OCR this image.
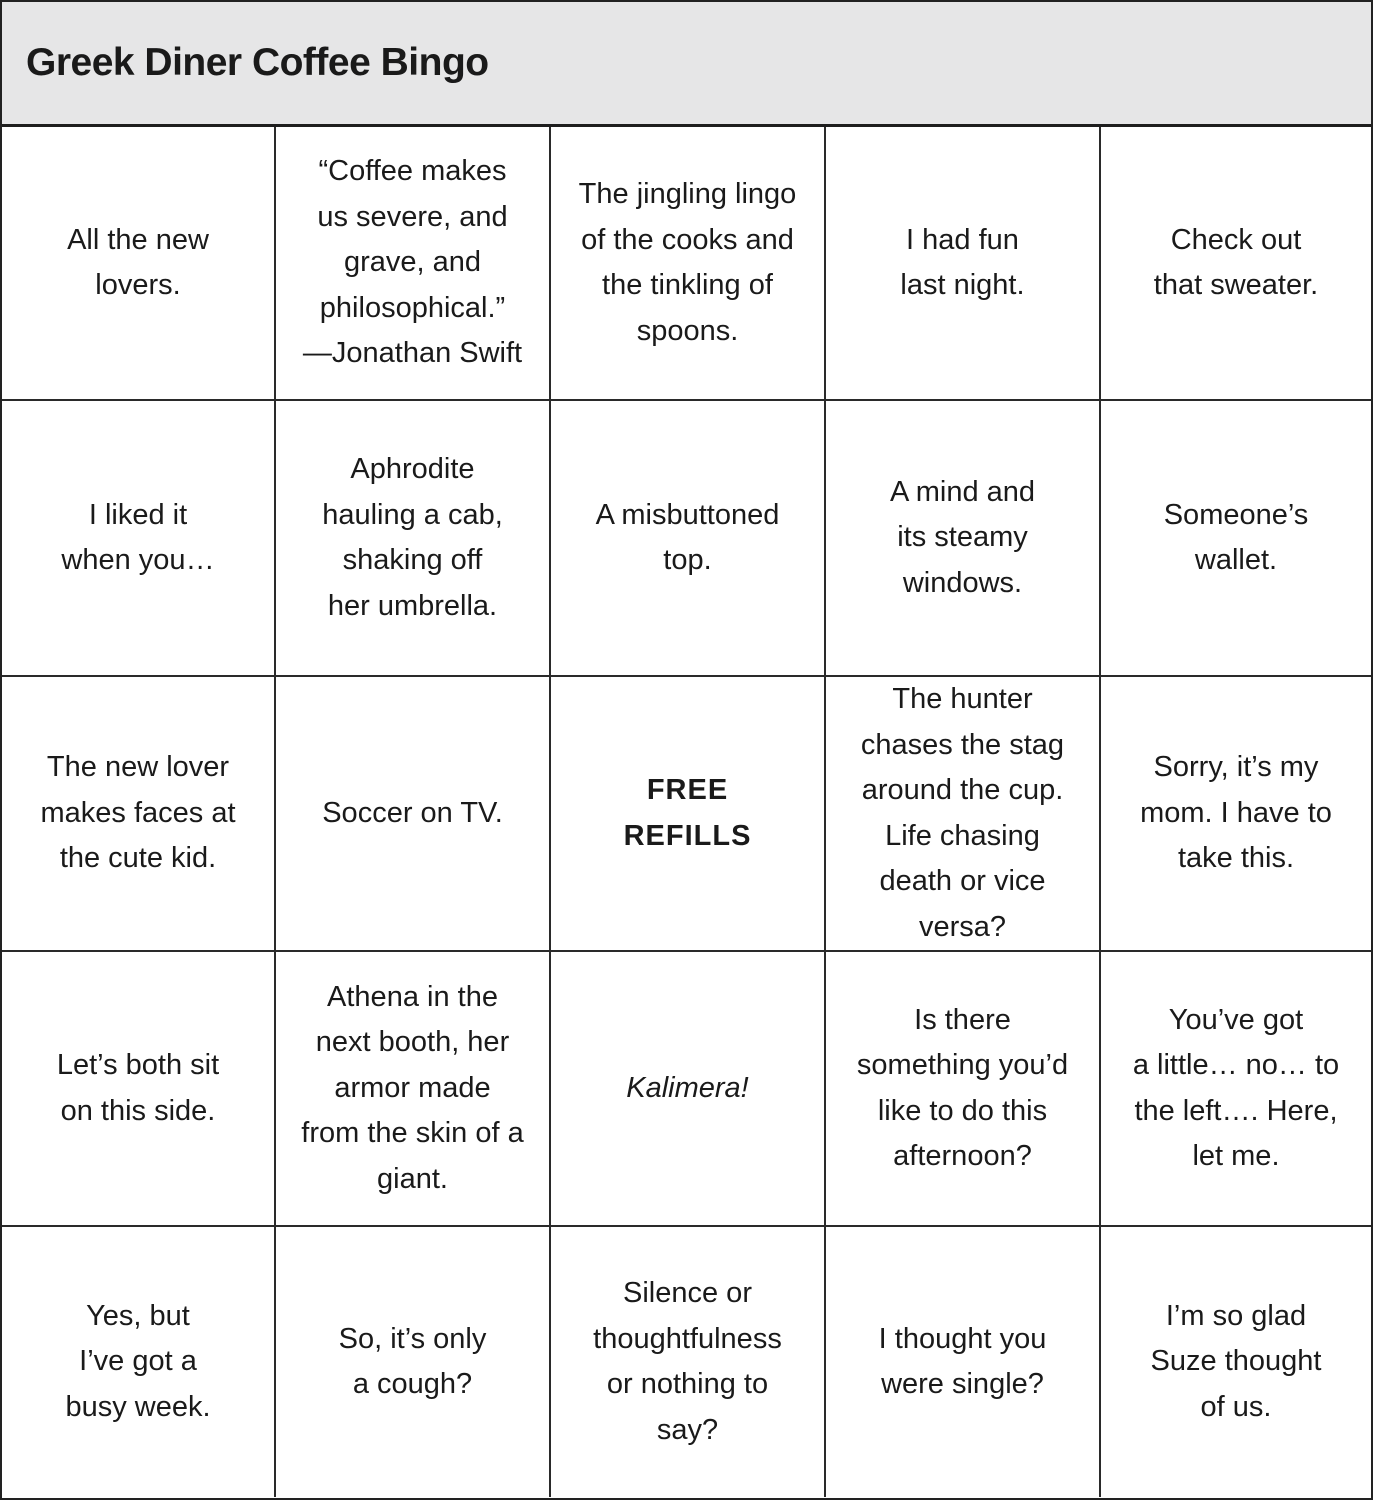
Greek Diner Coffee Bingo
All the new
lovers.
“Coffee makes
us severe, and
grave, and
philosophical.”
—Jonathan Swift
The jingling lingo
of the cooks and
the tinkling of
spoons.
I had fun
last night.
Check out
that sweater.
I liked it
when you…
Aphrodite
hauling a cab,
shaking off
her umbrella.
A misbuttoned
top.
A mind and
its steamy
windows.
Someone’s
wallet.
The new lover
makes faces at
the cute kid.
Soccer on TV.
FREE
REFILLS
The hunter
chases the stag
around the cup.
Life chasing
death or vice
versa?
Sorry, it’s my
mom. I have to
take this.
Let’s both sit
on this side.
Athena in the
next booth, her
armor made
from the skin of a
giant.
Kalimera!
Is there
something you’d
like to do this
afternoon?
You’ve got
a little… no… to
the left…. Here,
let me.
Yes, but
I’ve got a
busy week.
So, it’s only
a cough?
Silence or
thoughtfulness
or nothing to
say?
I thought you
were single?
I’m so glad
Suze thought
of us.
